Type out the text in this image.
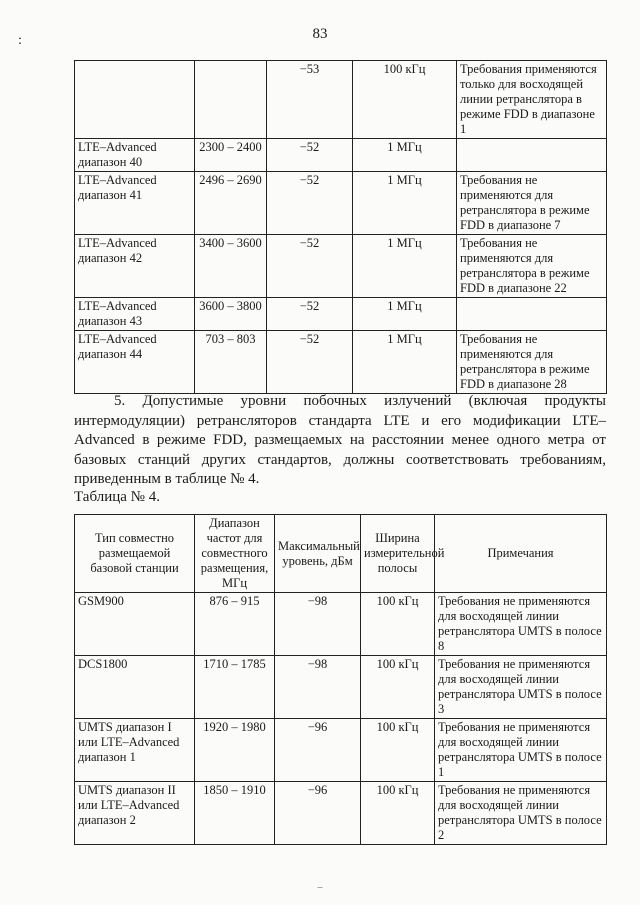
83
:
		−53	100 кГц	Требования применяются только для восходящей линии ретранслятора в режиме FDD в диапазоне 1
LTE–Advanced диапазон 40	2300 – 2400	−52	1 МГц	
LTE–Advanced диапазон 41	2496 – 2690	−52	1 МГц	Требования не применяются для ретранслятора в режиме FDD в диапазоне 7
LTE–Advanced диапазон 42	3400 – 3600	−52	1 МГц	Требования не применяются для ретранслятора в режиме FDD в диапазоне 22
LTE–Advanced диапазон 43	3600 – 3800	−52	1 МГц	
LTE–Advanced диапазон 44	703 – 803	−52	1 МГц	Требования не применяются для ретранслятора в режиме FDD в диапазоне 28
5. Допустимые уровни побочных излучений (включая продукты интермодуляции) ретрансляторов стандарта LTE и его модификации LTE–Advanced в режиме FDD, размещаемых на расстоянии менее одного метра от базовых станций других стандартов, должны соответствовать требованиям, приведенным в таблице № 4.
Таблица № 4.
Тип совместно размещаемой базовой станции	Диапазон частот для совместного размещения, МГц	Максимальный уровень, дБм	Ширина измерительной полосы	Примечания
GSM900	876 – 915	−98	100 кГц	Требования не применяются для восходящей линии ретранслятора UMTS в полосе 8
DCS1800	1710 – 1785	−98	100 кГц	Требования не применяются для восходящей линии ретранслятора UMTS в полосе 3
UMTS диапазон I или LTE–Advanced диапазон 1	1920 – 1980	−96	100 кГц	Требования не применяются для восходящей линии ретранслятора UMTS в полосе 1
UMTS диапазон II или LTE–Advanced диапазон 2	1850 – 1910	−96	100 кГц	Требования не применяются для восходящей линии ретранслятора UMTS в полосе 2
–
